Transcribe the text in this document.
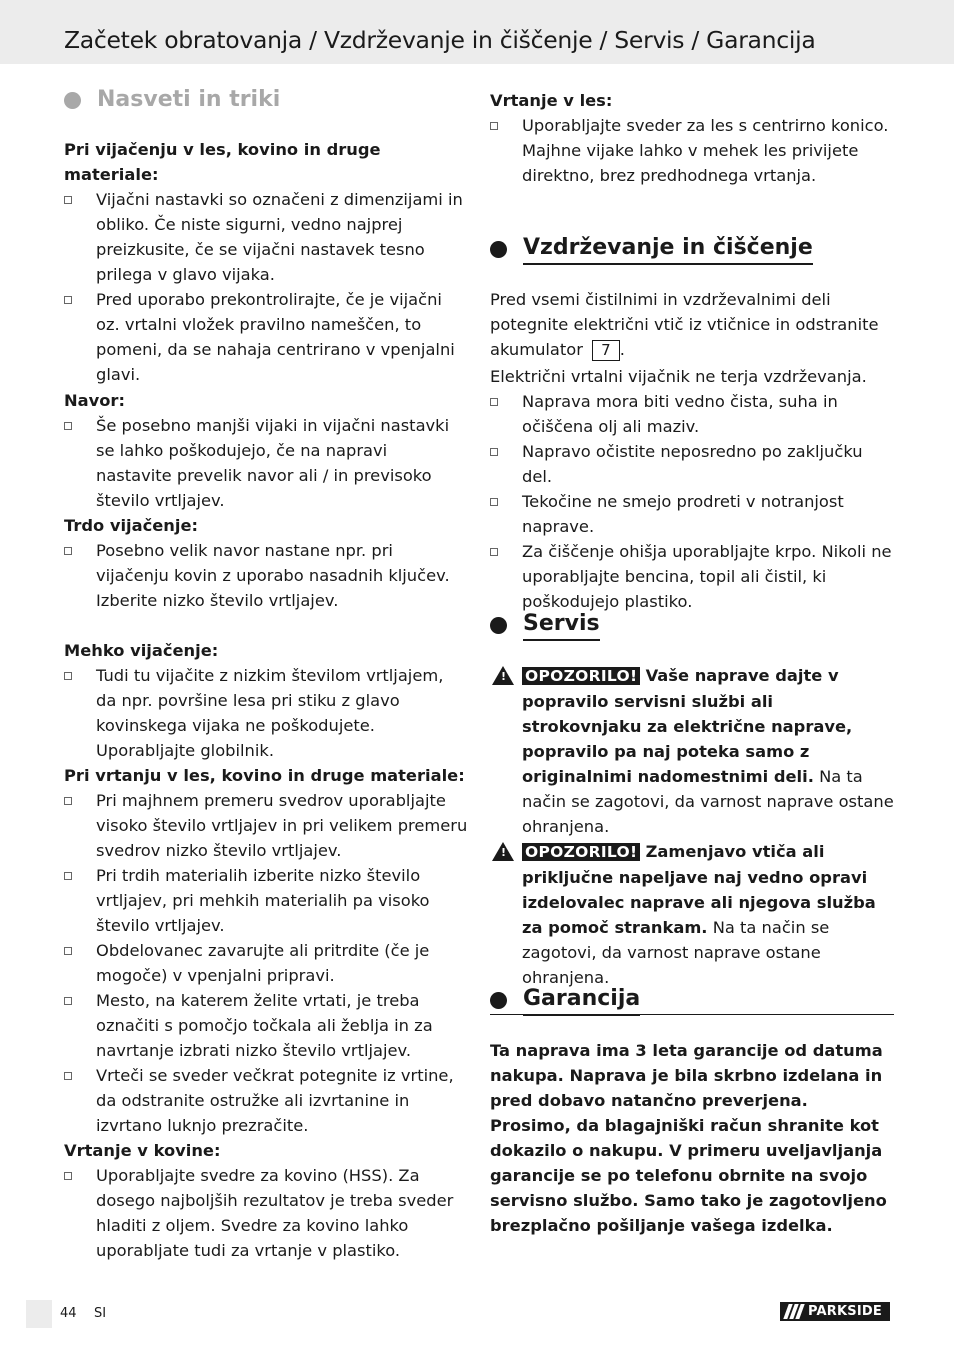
Začetek obratovanja / Vzdrževanje in čiščenje / Servis / Garancija
Nasveti in triki

Pri vijačenju v les, kovino in druge materiale:

Vijačni nastavki so označeni z dimenzijami in obliko. Če niste sigurni, vedno najprej preizkusite, če se vijačni nastavek tesno prilega v glavo vijaka.
Pred uporabo prekontrolirajte, če je vijačni oz. vrtalni vložek pravilno nameščen, to pomeni, da se nahaja centrirano v vpenjalni glavi.

Navor:

Še posebno manjši vijaki in vijačni nastavki se lahko poškodujejo, če na napravi nastavite prevelik navor ali / in previsoko število vrtljajev.

Trdo vijačenje:

Posebno velik navor nastane npr. pri vijačenju kovin z uporabo nasadnih ključev. Izberite nizko število vrtljajev.

Mehko vijačenje:

Tudi tu vijačite z nizkim številom vrtljajem, da npr. površine lesa pri stiku z glavo kovinskega vijaka ne poškodujete. Uporabljajte globilnik.

Pri vrtanju v les, kovino in druge materiale:

Pri majhnem premeru svedrov uporabljajte visoko število vrtljajev in pri velikem premeru svedrov nizko število vrtljajev.
Pri trdih materialih izberite nizko število vrtljajev, pri mehkih materialih pa visoko število vrtljajev.
Obdelovanec zavarujte ali pritrdite (če je mogoče) v vpenjalni pripravi.
Mesto, na katerem želite vrtati, je treba označiti s pomočjo točkala ali žeblja in za navrtanje izbrati nizko število vrtljajev.
Vrteči se sveder večkrat potegnite iz vrtine, da odstranite ostružke ali izvrtanine in izvrtano luknjo prezračite.

Vrtanje v kovine:

Uporabljajte svedre za kovino (HSS). Za dosego najboljših rezultatov je treba sveder hladiti z oljem. Svedre za kovino lahko uporabljate tudi za vrtanje v plastiko.

Vrtanje v les:

Uporabljajte sveder za les s centrirno konico. Majhne vijake lahko v mehek les privijete direktno, brez predhodnega vrtanja.
Vzdrževanje in čiščenje

Pred vsemi čistilnimi in vzdrževalnimi deli potegnite električni vtič iz vtičnice in odstranite akumulator 7 .

Električni vrtalni vijačnik ne terja vzdrževanja.

Naprava mora biti vedno čista, suha in očiščena olj ali maziv.
Napravo očistite neposredno po zaključku del.
Tekočine ne smejo prodreti v notranjost naprave.
Za čiščenje ohišja uporabljajte krpo. Nikoli ne uporabljajte bencina, topil ali čistil, ki poškodujejo plastiko.
Servis
! OPOZORILO! Vaše naprave dajte v popravilo servisni službi ali strokovnjaku za električne naprave, popravilo pa naj poteka samo z originalnimi nadomestnimi deli. Na ta način se zagotovi, da varnost naprave ostane ohranjena.

! OPOZORILO! Zamenjavo vtiča ali priključne napeljave naj vedno opravi izdelovalec naprave ali njegova služba za pomoč strankam. Na ta način se zagotovi, da varnost naprave ostane ohranjena.

Garancija

Ta naprava ima 3 leta garancije od datuma nakupa. Naprava je bila skrbno izdelana in pred dobavo natančno preverjena. Prosimo, da blagajniški račun shranite kot dokazilo o nakupu. V primeru uveljavljanja garancije se po telefonu obrnite na svojo servisno službo. Samo tako je zagotovljeno brezplačno pošiljanje vašega izdelka.

44 SI	PARKSIDE
